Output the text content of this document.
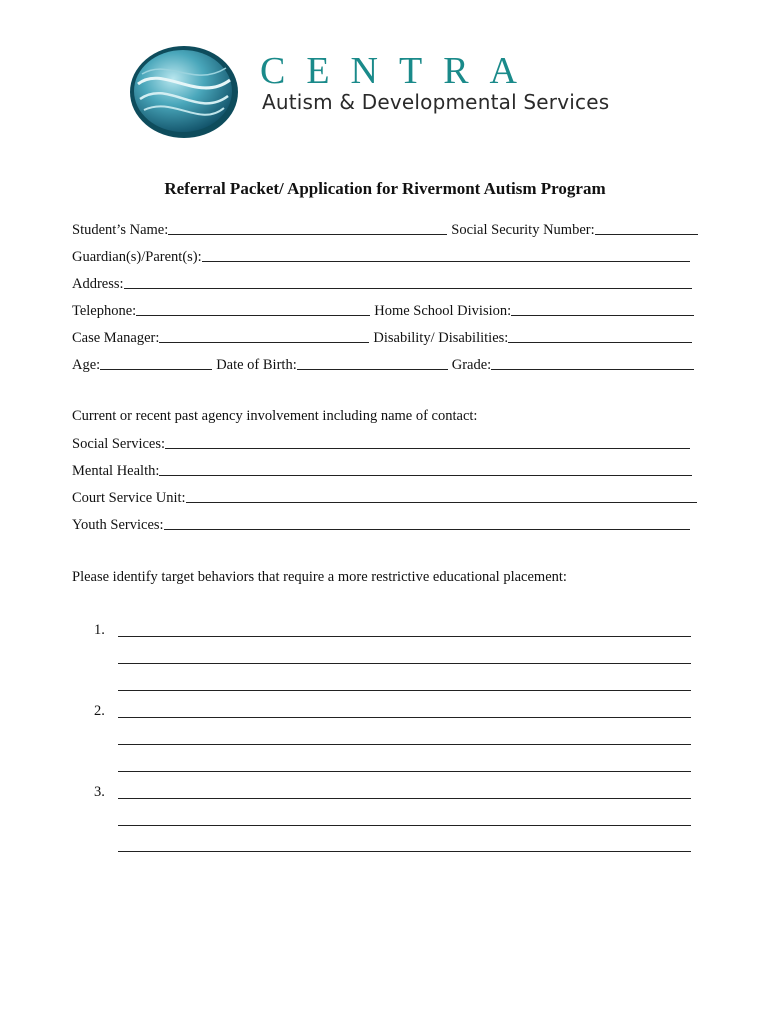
CENTRA
Autism & Developmental Services
Referral Packet/ Application for Rivermont Autism Program
Student’s Name:	Social Security Number:
Guardian(s)/Parent(s):
Address:
Telephone:	Home School Division:
Case Manager:	Disability/ Disabilities:
Age:	Date of Birth:	Grade:
Current or recent past agency involvement including name of contact:
Social Services:
Mental Health:
Court Service Unit:
Youth Services:
Please identify target behaviors that require a more restrictive educational placement:
1.
2.
3.
